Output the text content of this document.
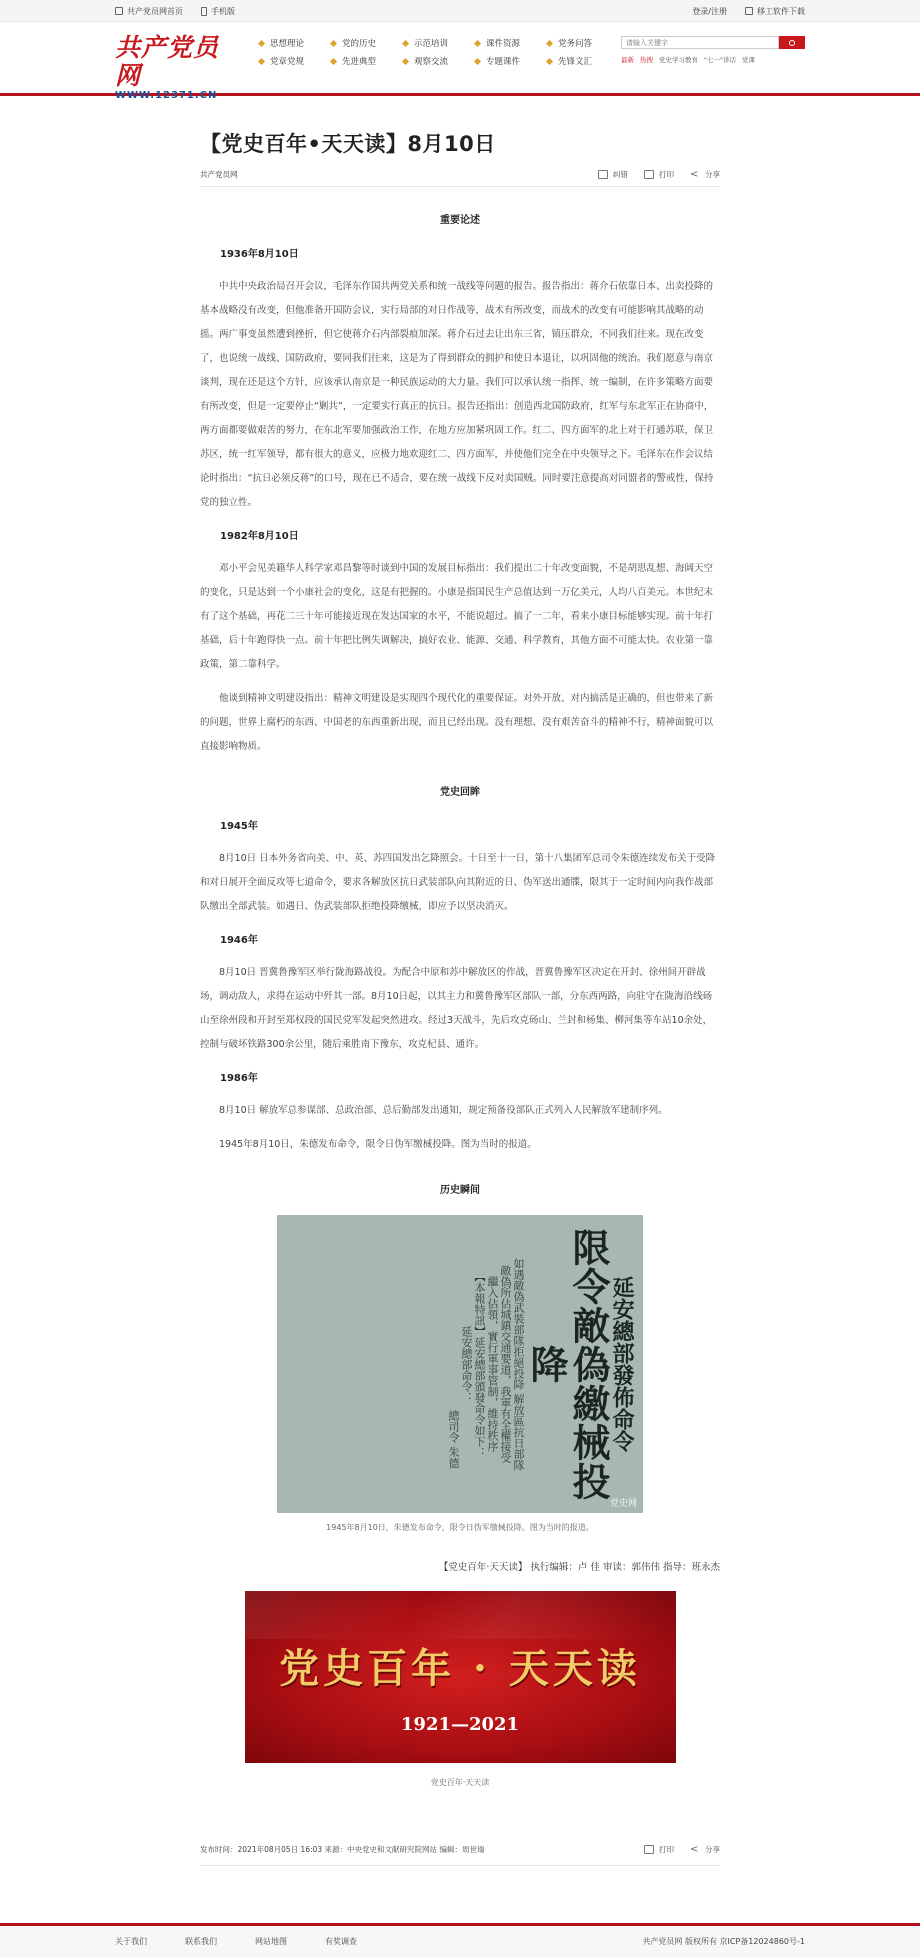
共产党员网首页	手机版	登录/注册	移工软件下载
共产党员网
WWW.12371.CN
思想理论	党的历史	示范培训	课件资源	党务问答
党章党规	先进典型	观察交流	专题课件	先锋文汇
请输入关键字	最新 热搜 党史学习教育 "七一"讲话 党课
【党史百年•天天读】8月10日
共产党员网	纠错	打印 <	分享
重要论述
1936年8月10日

中共中央政治局召开会议，毛泽东作国共两党关系和统一战线等问题的报告。报告指出：蒋介石依靠日本、出卖投降的基本战略没有改变，但他准备开国防会议，实行局部的对日作战等，战术有所改变，而战术的改变有可能影响其战略的动摇。两广事变虽然遭到挫折，但它使蒋介石内部裂痕加深。蒋介石过去让出东三省，镇压群众，不同我们往来。现在改变了，也说统一战线、国防政府，要同我们往来，这是为了得到群众的拥护和使日本退让，以巩固他的统治。我们愿意与南京谈判，现在还是这个方针，应该承认南京是一种民族运动的大力量。我们可以承认统一指挥、统一编制，在许多策略方面要有所改变，但是一定要停止“剿共”，一定要实行真正的抗日。报告还指出：创造西北国防政府，红军与东北军正在协商中，两方面都要做艰苦的努力，在东北军要加强政治工作，在地方应加紧巩固工作。红二、四方面军的北上对于打通苏联，保卫苏区，统一红军领导，都有很大的意义，应极力地欢迎红二、四方面军，并使他们完全在中央领导之下。毛泽东在作会议结论时指出：“抗日必须反蒋”的口号，现在已不适合，要在统一战线下反对卖国贼。同时要注意提高对同盟者的警戒性，保持党的独立性。

1982年8月10日

邓小平会见美籍华人科学家邓昌黎等时谈到中国的发展目标指出：我们提出二十年改变面貌，不是胡思乱想、海阔天空的变化，只是达到一个小康社会的变化，这是有把握的。小康是指国民生产总值达到一万亿美元，人均八百美元。本世纪末有了这个基础，再花二三十年可能接近现在发达国家的水平，不能说超过。搞了一二年，看来小康目标能够实现。前十年打基础，后十年跑得快一点。前十年把比例失调解决，搞好农业、能源、交通、科学教育，其他方面不可能太快。农业第一靠政策，第二靠科学。

他谈到精神文明建设指出：精神文明建设是实现四个现代化的重要保证。对外开放、对内搞活是正确的，但也带来了新的问题，世界上腐朽的东西、中国老的东西重新出现，而且已经出现。没有理想、没有艰苦奋斗的精神不行，精神面貌可以直接影响物质。

党史回眸
1945年

8月10日 日本外务省向美、中、英、苏四国发出乞降照会。十日至十一日，第十八集团军总司令朱德连续发布关于受降和对日展开全面反攻等七道命令，要求各解放区抗日武装部队向其附近的日、伪军送出通牒，限其于一定时间内向我作战部队缴出全部武装。如遇日、伪武装部队拒绝投降缴械，即应予以坚决消灭。

1946年

8月10日 晋冀鲁豫军区举行陇海路战役。为配合中原和苏中解放区的作战，晋冀鲁豫军区决定在开封、徐州间开辟战场，调动敌人，求得在运动中歼其一部。8月10日起，以其主力和冀鲁豫军区部队一部，分东西两路，向驻守在陇海沿线砀山至徐州段和开封至郑权段的国民党军发起突然进攻。经过3天战斗，先后攻克砀山、兰封和杨集、柳河集等车站10余处，控制与破坏铁路300余公里，随后乘胜南下豫东，攻克杞县、通许。

1986年

8月10日 解放军总参谋部、总政治部、总后勤部发出通知，规定预备役部队正式列入人民解放军建制序列。

1945年8月10日，朱德发布命令，限令日伪军缴械投降。图为当时的报道。

历史瞬间
延安總部發佈命令
限令敵偽繳械投降
如遇敵偽武裝部隊拒絕投降 解放區抗日部隊
敵偽所佔城鎮交通要道，我軍有全權接受
繼入佔領，實行軍事管制，維持秩序
【本報特訊】延安總部頒發命令如下：
延安總部命令：
總司令 朱德
党史网
1945年8月10日，朱德发布命令，限令日伪军缴械投降。图为当时的报道。
【党史百年·天天读】 执行编辑：卢 佳 审读：郭伟伟 指导：班永杰
党史百年 · 天天读
1921—2021
党史百年·天天读
发布时间：2021年08月05日 16:03 来源：中央党史和文献研究院网站 编辑：周世瑞	打印 <	分享
关于我们	联系我们	网站地图	有奖调查	共产党员网 版权所有 京ICP备12024860号-1
